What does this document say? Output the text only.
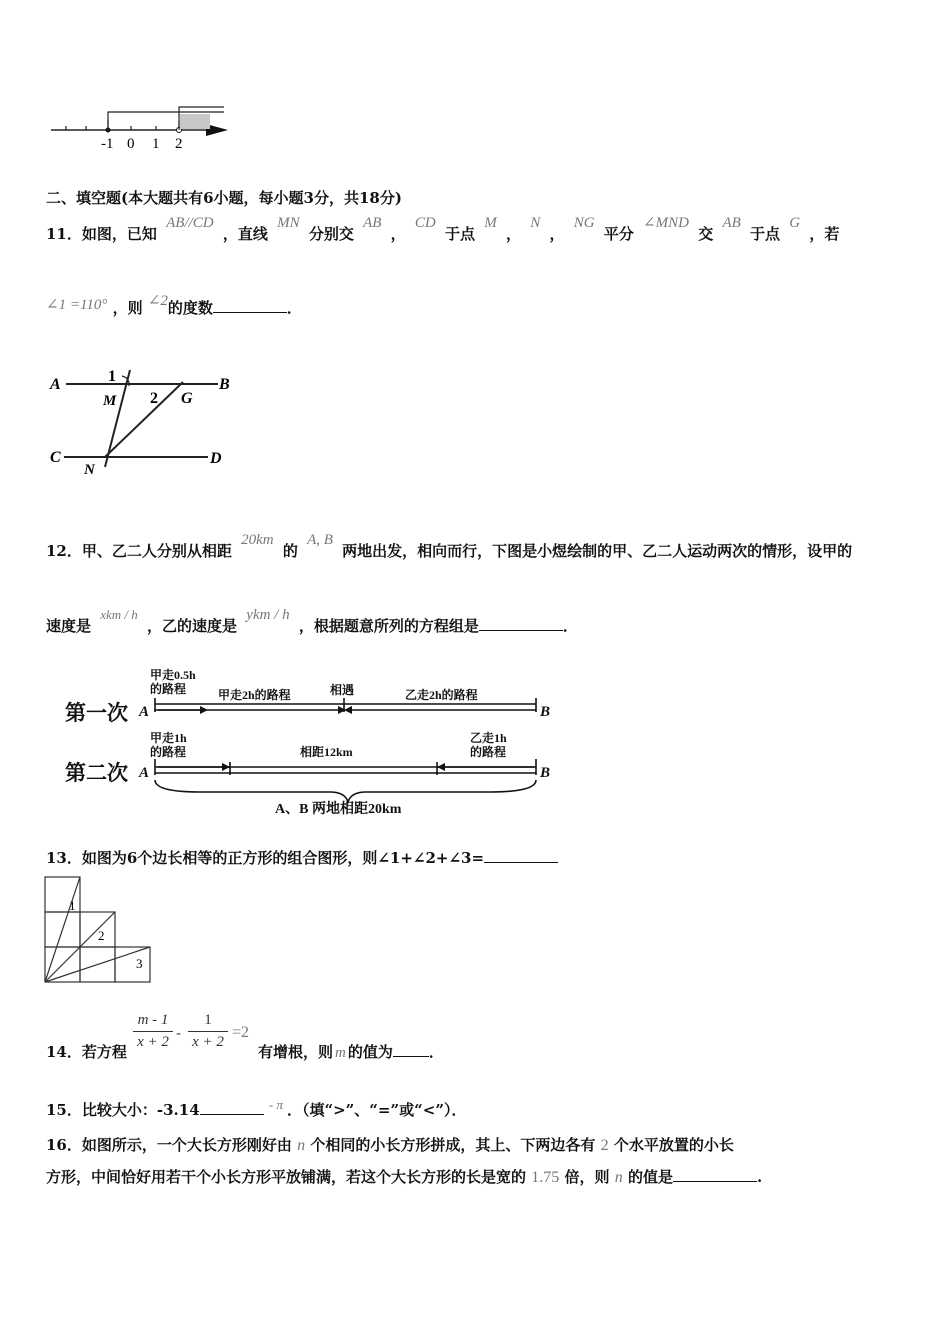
-1 0 1 2
二、填空题(本大题共有6小题，每小题3分，共18分)
11．如图，已知 AB//CD ，直线 MN 分别交 AB ， CD 于点 M ， N ， NG 平分 ∠MND 交 AB 于点 G ，若
∠1 =110° ，则 ∠2的度数	．
A	B
C	D
M
N
G
1
2
12．甲、乙二人分别从相距 20km 的 A, B 两地出发，相向而行，下图是小煜绘制的甲、乙二人运动两次的情形，设甲的
速度是 xkm / h ，乙的速度是 ykm / h ，根据题意所列的方程组是	．
第一次
第二次
A	B
A	B
甲走0.5h
的路程	甲走2h的路程	相遇	乙走2h的路程
甲走1h
的路程	相距12km
乙走1h
的路程
A、B 两地相距20km
13．如图为6个边长相等的正方形的组合图形，则∠1+∠2+∠3=
1
2
3
14．若方程
m - 1
x + 2 -
1
x + 2
=2
有增根，则 m 的值为 ．
15．比较大小：-3.14	- π ．（填“>”、“=”或“<”）．
16．如图所示，一个大长方形刚好由 n 个相同的小长方形拼成，其上、下两边各有 2 个水平放置的小长
方形，中间恰好用若干个小长方形平放铺满，若这个大长方形的长是宽的 1.75 倍，则 n 的值是	.
